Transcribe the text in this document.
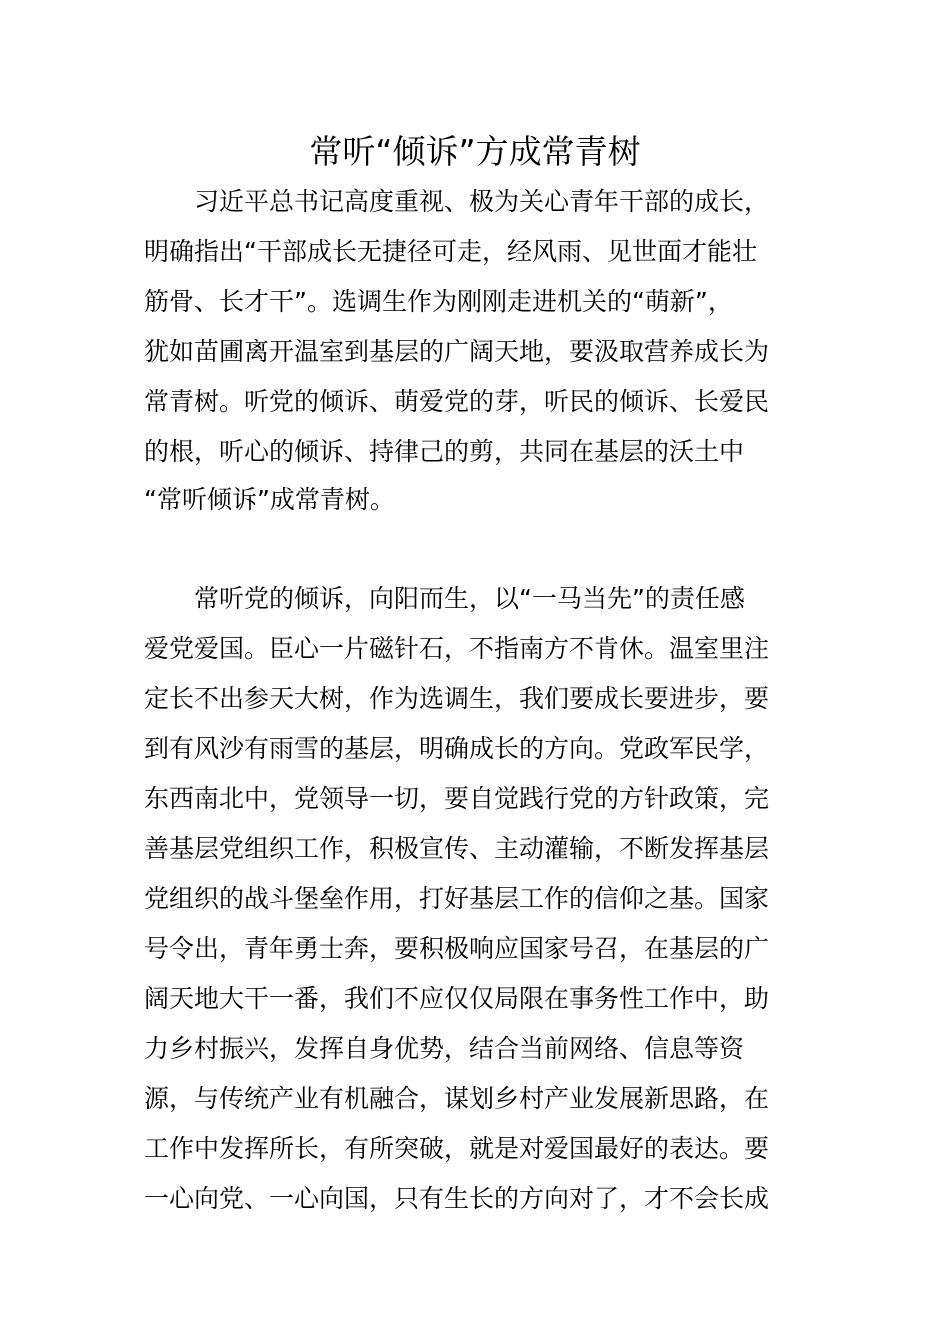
常听“倾诉”方成常青树

习近平总书记高度重视、极为关心青年干部的成长，

明确指出“干部成长无捷径可走，经风雨、见世面才能壮

筋骨、长才干”。选调生作为刚刚走进机关的“萌新”，

犹如苗圃离开温室到基层的广阔天地，要汲取营养成长为

常青树。听党的倾诉、萌爱党的芽，听民的倾诉、长爱民

的根，听心的倾诉、持律己的剪，共同在基层的沃土中

“常听倾诉”成常青树。

常听党的倾诉，向阳而生，以“一马当先”的责任感

爱党爱国。臣心一片磁针石，不指南方不肯休。温室里注

定长不出参天大树，作为选调生，我们要成长要进步，要

到有风沙有雨雪的基层，明确成长的方向。党政军民学，

东西南北中，党领导一切，要自觉践行党的方针政策，完

善基层党组织工作，积极宣传、主动灌输，不断发挥基层

党组织的战斗堡垒作用，打好基层工作的信仰之基。国家

号令出，青年勇士奔，要积极响应国家号召，在基层的广

阔天地大干一番，我们不应仅仅局限在事务性工作中，助

力乡村振兴，发挥自身优势，结合当前网络、信息等资

源，与传统产业有机融合，谋划乡村产业发展新思路，在

工作中发挥所长，有所突破，就是对爱国最好的表达。要

一心向党、一心向国，只有生长的方向对了，才不会长成
